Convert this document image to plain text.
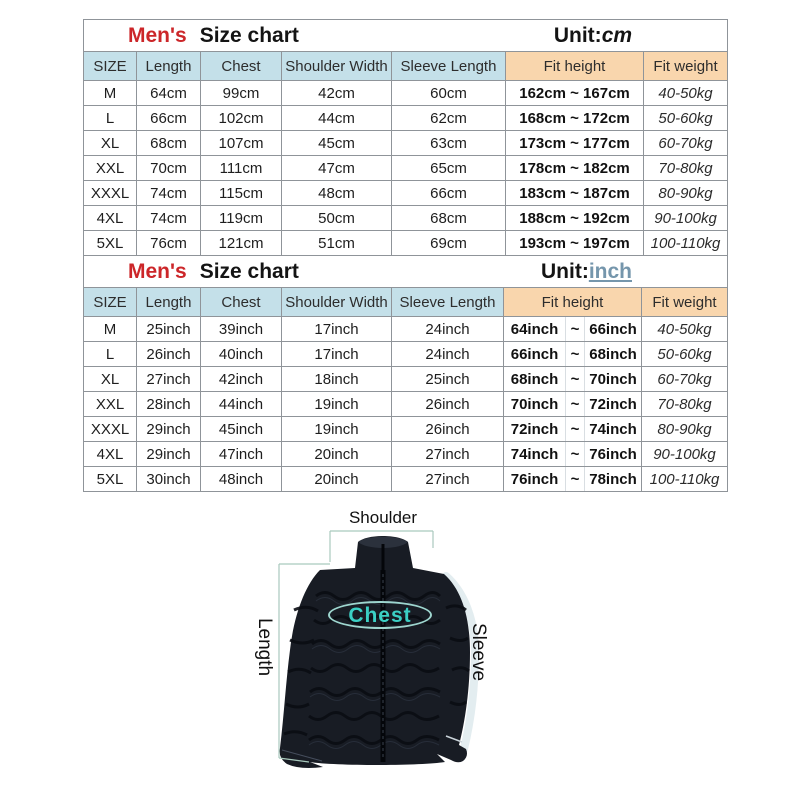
Men's Size chart Unit: cm						

SIZE	Length	Chest	Shoulder Width	Sleeve Length	Fit height	Fit weight
M	64cm	99cm	42cm	60cm	162cm ~ 167cm	40-50kg
L	66cm	102cm	44cm	62cm	168cm ~ 172cm	50-60kg
XL	68cm	107cm	45cm	63cm	173cm ~ 177cm	60-70kg
XXL	70cm	111cm	47cm	65cm	178cm ~ 182cm	70-80kg
XXXL	74cm	115cm	48cm	66cm	183cm ~ 187cm	80-90kg
4XL	74cm	119cm	50cm	68cm	188cm ~ 192cm	90-100kg
5XL	76cm	121cm	51cm	69cm	193cm ~ 197cm	100-110kg
Men's Size chart Unit: inch								

SIZE	Length	Chest	Shoulder Width	Sleeve Length	Fit height			Fit weight
M	25inch	39inch	17inch	24inch	64inch	~	66inch	40-50kg
L	26inch	40inch	17inch	24inch	66inch	~	68inch	50-60kg
XL	27inch	42inch	18inch	25inch	68inch	~	70inch	60-70kg
XXL	28inch	44inch	19inch	26inch	70inch	~	72inch	70-80kg
XXXL	29inch	45inch	19inch	26inch	72inch	~	74inch	80-90kg
4XL	29inch	47inch	20inch	27inch	74inch	~	76inch	90-100kg
5XL	30inch	48inch	20inch	27inch	76inch	~	78inch	100-110kg
Shoulder
Length	Sleeve
Chest
